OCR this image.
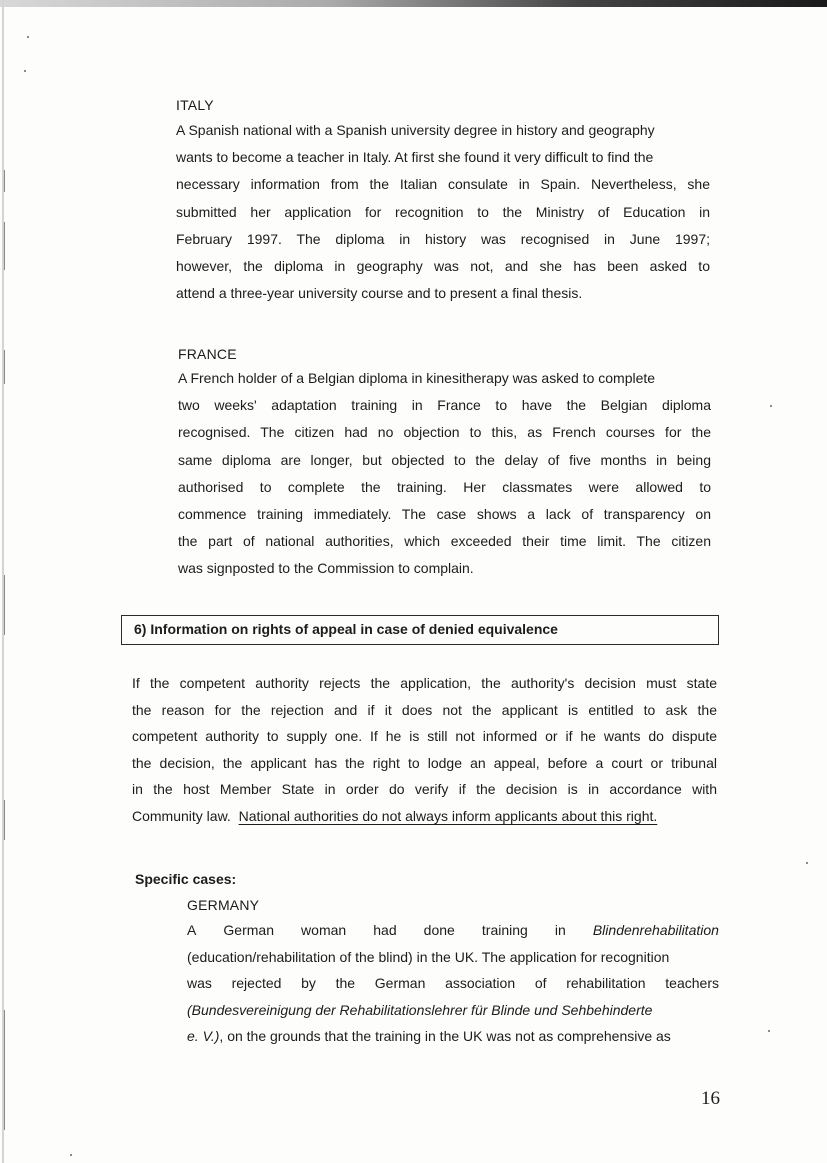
ITALY
A Spanish national with a Spanish university degree in history and geography
wants to become a teacher in Italy. At first she found it very difficult to find the
necessary information from the Italian consulate in Spain. Nevertheless, she
submitted her application for recognition to the Ministry of Education in
February 1997. The diploma in history was recognised in June 1997;
however, the diploma in geography was not, and she has been asked to
attend a three-year university course and to present a final thesis.
FRANCE
A French holder of a Belgian diploma in kinesitherapy was asked to complete
two weeks' adaptation training in France to have the Belgian diploma
recognised. The citizen had no objection to this, as French courses for the
same diploma are longer, but objected to the delay of five months in being
authorised to complete the training. Her classmates were allowed to
commence training immediately. The case shows a lack of transparency on
the part of national authorities, which exceeded their time limit. The citizen
was signposted to the Commission to complain.
6) Information on rights of appeal in case of denied equivalence
If the competent authority rejects the application, the authority's decision must state
the reason for the rejection and if it does not the applicant is entitled to ask the
competent authority to supply one. If he is still not informed or if he wants do dispute
the decision, the applicant has the right to lodge an appeal, before a court or tribunal
in the host Member State in order do verify if the decision is in accordance with
Community law. National authorities do not always inform applicants about this right.
Specific cases:
GERMANY
A German woman had done training in Blindenrehabilitation
(education/rehabilitation of the blind) in the UK. The application for recognition
was rejected by the German association of rehabilitation teachers
(Bundesvereinigung der Rehabilitationslehrer für Blinde und Sehbehinderte
e. V.), on the grounds that the training in the UK was not as comprehensive as
16
